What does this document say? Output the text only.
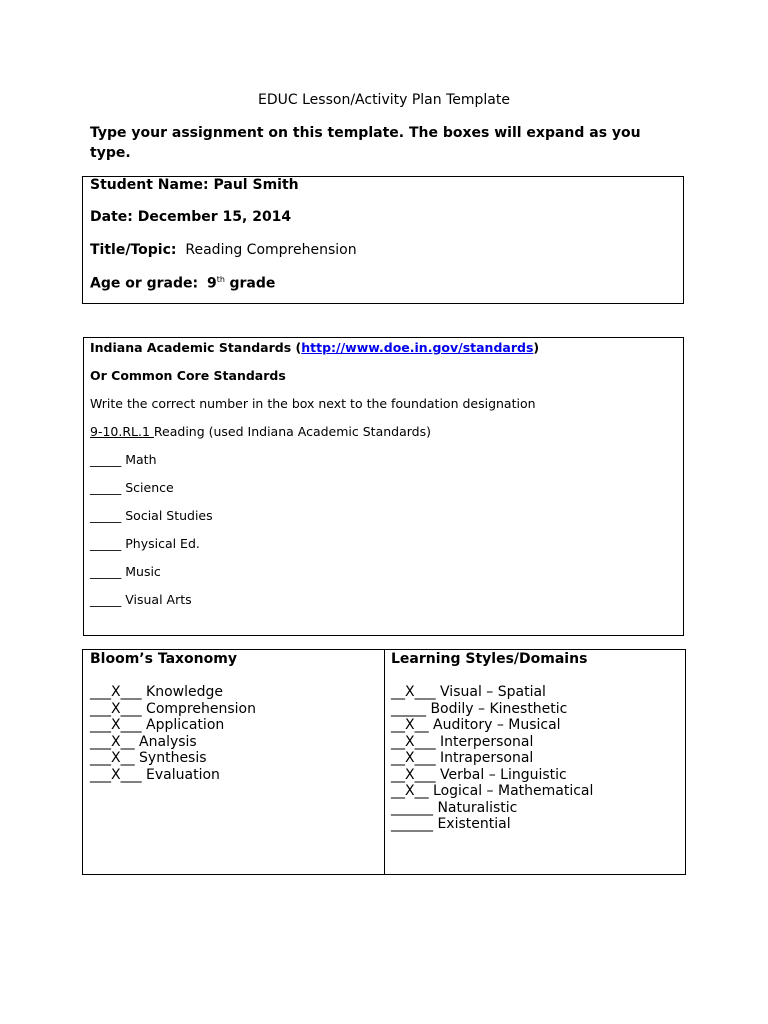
EDUC Lesson/Activity Plan Template
Type your assignment on this template. The boxes will expand as you type.
Student Name: Paul Smith
Date: December 15, 2014
Title/Topic: Reading Comprehension
Age or grade: 9th grade
Indiana Academic Standards (http://www.doe.in.gov/standards)
Or Common Core Standards
Write the correct number in the box next to the foundation designation
9-10.RL.1 Reading (used Indiana Academic Standards)
_____ Math
_____ Science
_____ Social Studies
_____ Physical Ed.
_____ Music
_____ Visual Arts
Bloom’s Taxonomy
___X___ Knowledge
___X___ Comprehension
___X___ Application
___X__ Analysis
___X__ Synthesis
___X___ Evaluation
Learning Styles/Domains
__X___ Visual – Spatial
_____ Bodily – Kinesthetic
__X__ Auditory – Musical
__X___ Interpersonal
__X___ Intrapersonal
__X___ Verbal – Linguistic
__X__ Logical – Mathematical
______ Naturalistic
______ Existential
